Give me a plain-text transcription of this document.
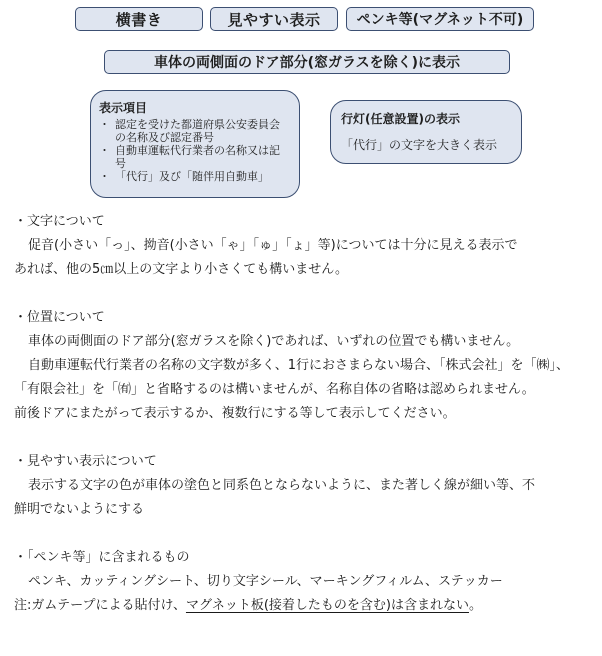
横書き	見やすい表示	ペンキ等(マグネット不可)
車体の両側面のドア部分(窓ガラスを除く)に表示
表示項目
・ 認定を受けた都道府県公安委員会の名称及び認定番号
・ 自動車運転代行業者の名称又は記号
・ 「代行」及び「随伴用自動車」
行灯(任意設置)の表示
「代行」の文字を大きく表示

・文字について

促音(小さい「っ」、拗音(小さい「ゃ」「ゅ」「ょ」等)については十分に見える表示で

あれば、他の5㎝以上の文字より小さくても構いません。

・位置について

車体の両側面のドア部分(窓ガラスを除く)であれば、いずれの位置でも構いません。

自動車運転代行業者の名称の文字数が多く、1行におさまらない場合、「株式会社」を「㈱」、

「有限会社」を「㈲」と省略するのは構いませんが、名称自体の省略は認められません。

前後ドアにまたがって表示するか、複数行にする等して表示してください。

・見やすい表示について

表示する文字の色が車体の塗色と同系色とならないように、また著しく線が細い等、不

鮮明でないようにする

・「ペンキ等」に含まれるもの

ペンキ、カッティングシート、切り文字シール、マーキングフィルム、ステッカー

注:ガムテープによる貼付け、マグネット板(接着したものを含む)は含まれない。
